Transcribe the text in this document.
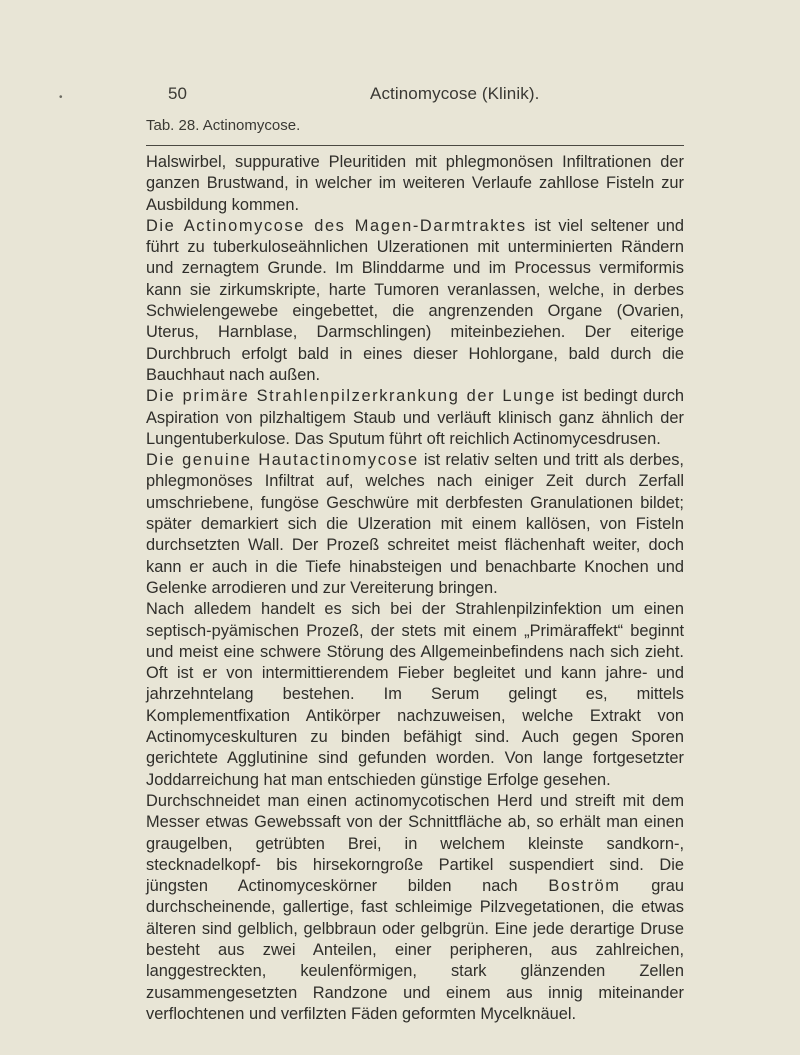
•	50	Actinomycose (Klinik).
Tab. 28. Actinomycose.

Halswirbel, suppurative Pleuritiden mit phlegmonösen Infiltrationen der ganzen Brustwand, in welcher im weiteren Verlaufe zahllose Fisteln zur Ausbildung kommen.

Die Actinomycose des Magen-Darmtraktes ist viel seltener und führt zu tuberkuloseähnlichen Ulzerationen mit unterminierten Rändern und zernagtem Grunde. Im Blinddarme und im Processus vermiformis kann sie zirkumskripte, harte Tumoren veranlassen, welche, in derbes Schwielengewebe eingebettet, die angrenzenden Organe (Ovarien, Uterus, Harnblase, Darmschlingen) miteinbeziehen. Der eiterige Durchbruch erfolgt bald in eines dieser Hohlorgane, bald durch die Bauchhaut nach außen.

Die primäre Strahlenpilzerkrankung der Lunge ist bedingt durch Aspiration von pilzhaltigem Staub und verläuft klinisch ganz ähnlich der Lungentuberkulose. Das Sputum führt oft reichlich Actinomycesdrusen.

Die genuine Hautactinomycose ist relativ selten und tritt als derbes, phlegmonöses Infiltrat auf, welches nach einiger Zeit durch Zerfall umschriebene, fungöse Geschwüre mit derbfesten Granulationen bildet; später demarkiert sich die Ulzeration mit einem kallösen, von Fisteln durchsetzten Wall. Der Prozeß schreitet meist flächenhaft weiter, doch kann er auch in die Tiefe hinabsteigen und benachbarte Knochen und Gelenke arrodieren und zur Vereiterung bringen.

Nach alledem handelt es sich bei der Strahlenpilzinfektion um einen septisch-pyämischen Prozeß, der stets mit einem „Primäraffekt“ beginnt und meist eine schwere Störung des Allgemeinbefindens nach sich zieht. Oft ist er von intermittierendem Fieber begleitet und kann jahre- und jahrzehntelang bestehen. Im Serum gelingt es, mittels Komplementfixation Antikörper nachzuweisen, welche Extrakt von Actinomyceskulturen zu binden befähigt sind. Auch gegen Sporen gerichtete Agglutinine sind gefunden worden. Von lange fortgesetzter Joddarreichung hat man entschieden günstige Erfolge gesehen.

Durchschneidet man einen actinomycotischen Herd und streift mit dem Messer etwas Gewebssaft von der Schnittfläche ab, so erhält man einen graugelben, getrübten Brei, in welchem kleinste sandkorn-, stecknadelkopf- bis hirsekorngroße Partikel suspendiert sind. Die jüngsten Actinomyceskörner bilden nach Boström grau durchscheinende, gallertige, fast schleimige Pilzvegetationen, die etwas älteren sind gelblich, gelbbraun oder gelbgrün. Eine jede derartige Druse besteht aus zwei Anteilen, einer peripheren, aus zahlreichen, langgestreckten, keulenförmigen, stark glänzenden Zellen zusammengesetzten Randzone und einem aus innig miteinander verflochtenen und verfilzten Fäden geformten Mycelknäuel.
